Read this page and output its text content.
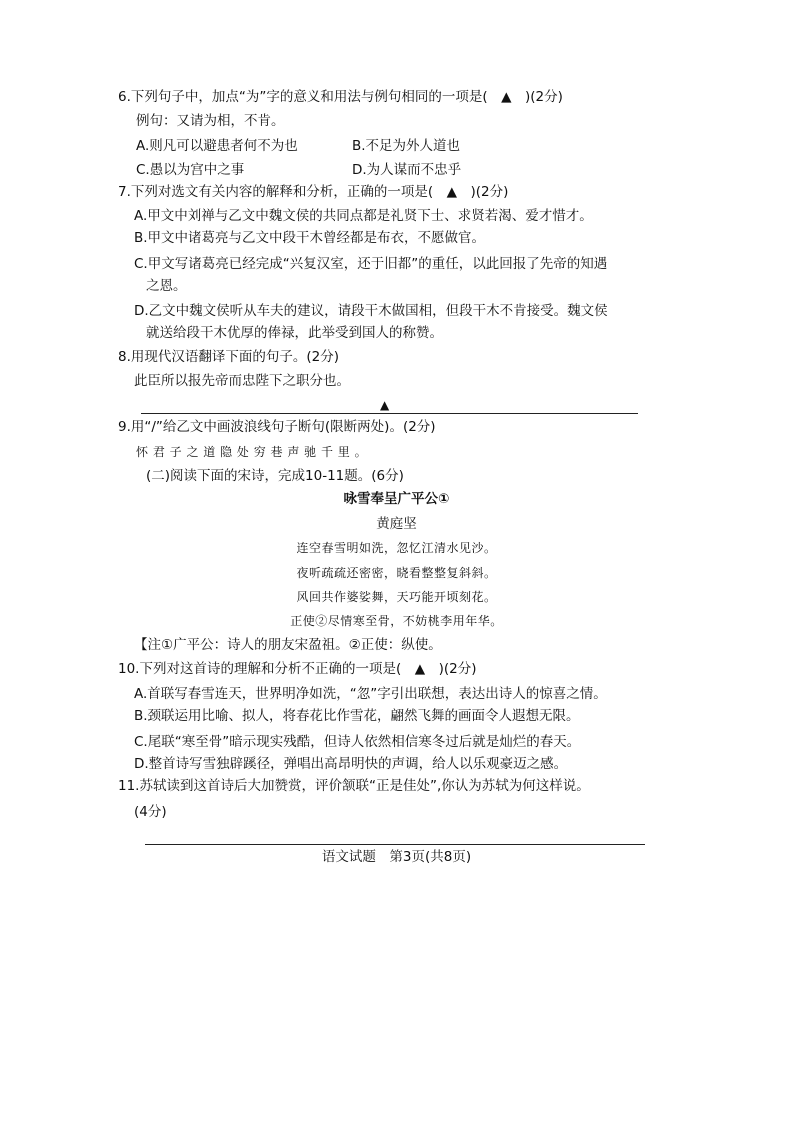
6.下列句子中，加点“为”字的意义和用法与例句相同的一项是(　▲　)(2分)
例句：又请为相，不肯。
A.则凡可以避患者何不为也	B.不足为外人道也
C.愚以为宫中之事	D.为人谋而不忠乎
7.下列对选文有关内容的解释和分析，正确的一项是(　▲　)(2分)
A.甲文中刘禅与乙文中魏文侯的共同点都是礼贤下士、求贤若渴、爱才惜才。
B.甲文中诸葛亮与乙文中段干木曾经都是布衣，不愿做官。
C.甲文写诸葛亮已经完成“兴复汉室，还于旧都”的重任，以此回报了先帝的知遇
之恩。
D.乙文中魏文侯听从车夫的建议，请段干木做国相，但段干木不肯接受。魏文侯
就送给段干木优厚的俸禄，此举受到国人的称赞。
8.用现代汉语翻译下面的句子。(2分)
此臣所以报先帝而忠陛下之职分也。
▲
9.用“/”给乙文中画波浪线句子断句(限断两处)。(2分)
怀 君 子 之 道 隐 处 穷 巷 声 驰 千 里 。
(二)阅读下面的宋诗，完成10-11题。(6分)
咏雪奉呈广平公①
黄庭坚
连空春雪明如洗，忽忆江清水见沙。
夜听疏疏还密密，晓看整整复斜斜。
风回共作婆娑舞，天巧能开顷刻花。
正使②尽情寒至骨，不妨桃李用年华。
【注①广平公：诗人的朋友宋盈祖。②正使：纵使。
10.下列对这首诗的理解和分析不正确的一项是(　▲　)(2分)
A.首联写春雪连天，世界明净如洗，“忽”字引出联想，表达出诗人的惊喜之情。
B.颈联运用比喻、拟人，将春花比作雪花，翩然飞舞的画面令人遐想无限。
C.尾联“寒至骨”暗示现实残酷，但诗人依然相信寒冬过后就是灿烂的春天。
D.整首诗写雪独辟蹊径，弹唱出高昂明快的声调，给人以乐观豪迈之感。
11.苏轼读到这首诗后大加赞赏，评价颔联“正是佳处”,你认为苏轼为何这样说。
(4分)
语文试题　第3页(共8页)
